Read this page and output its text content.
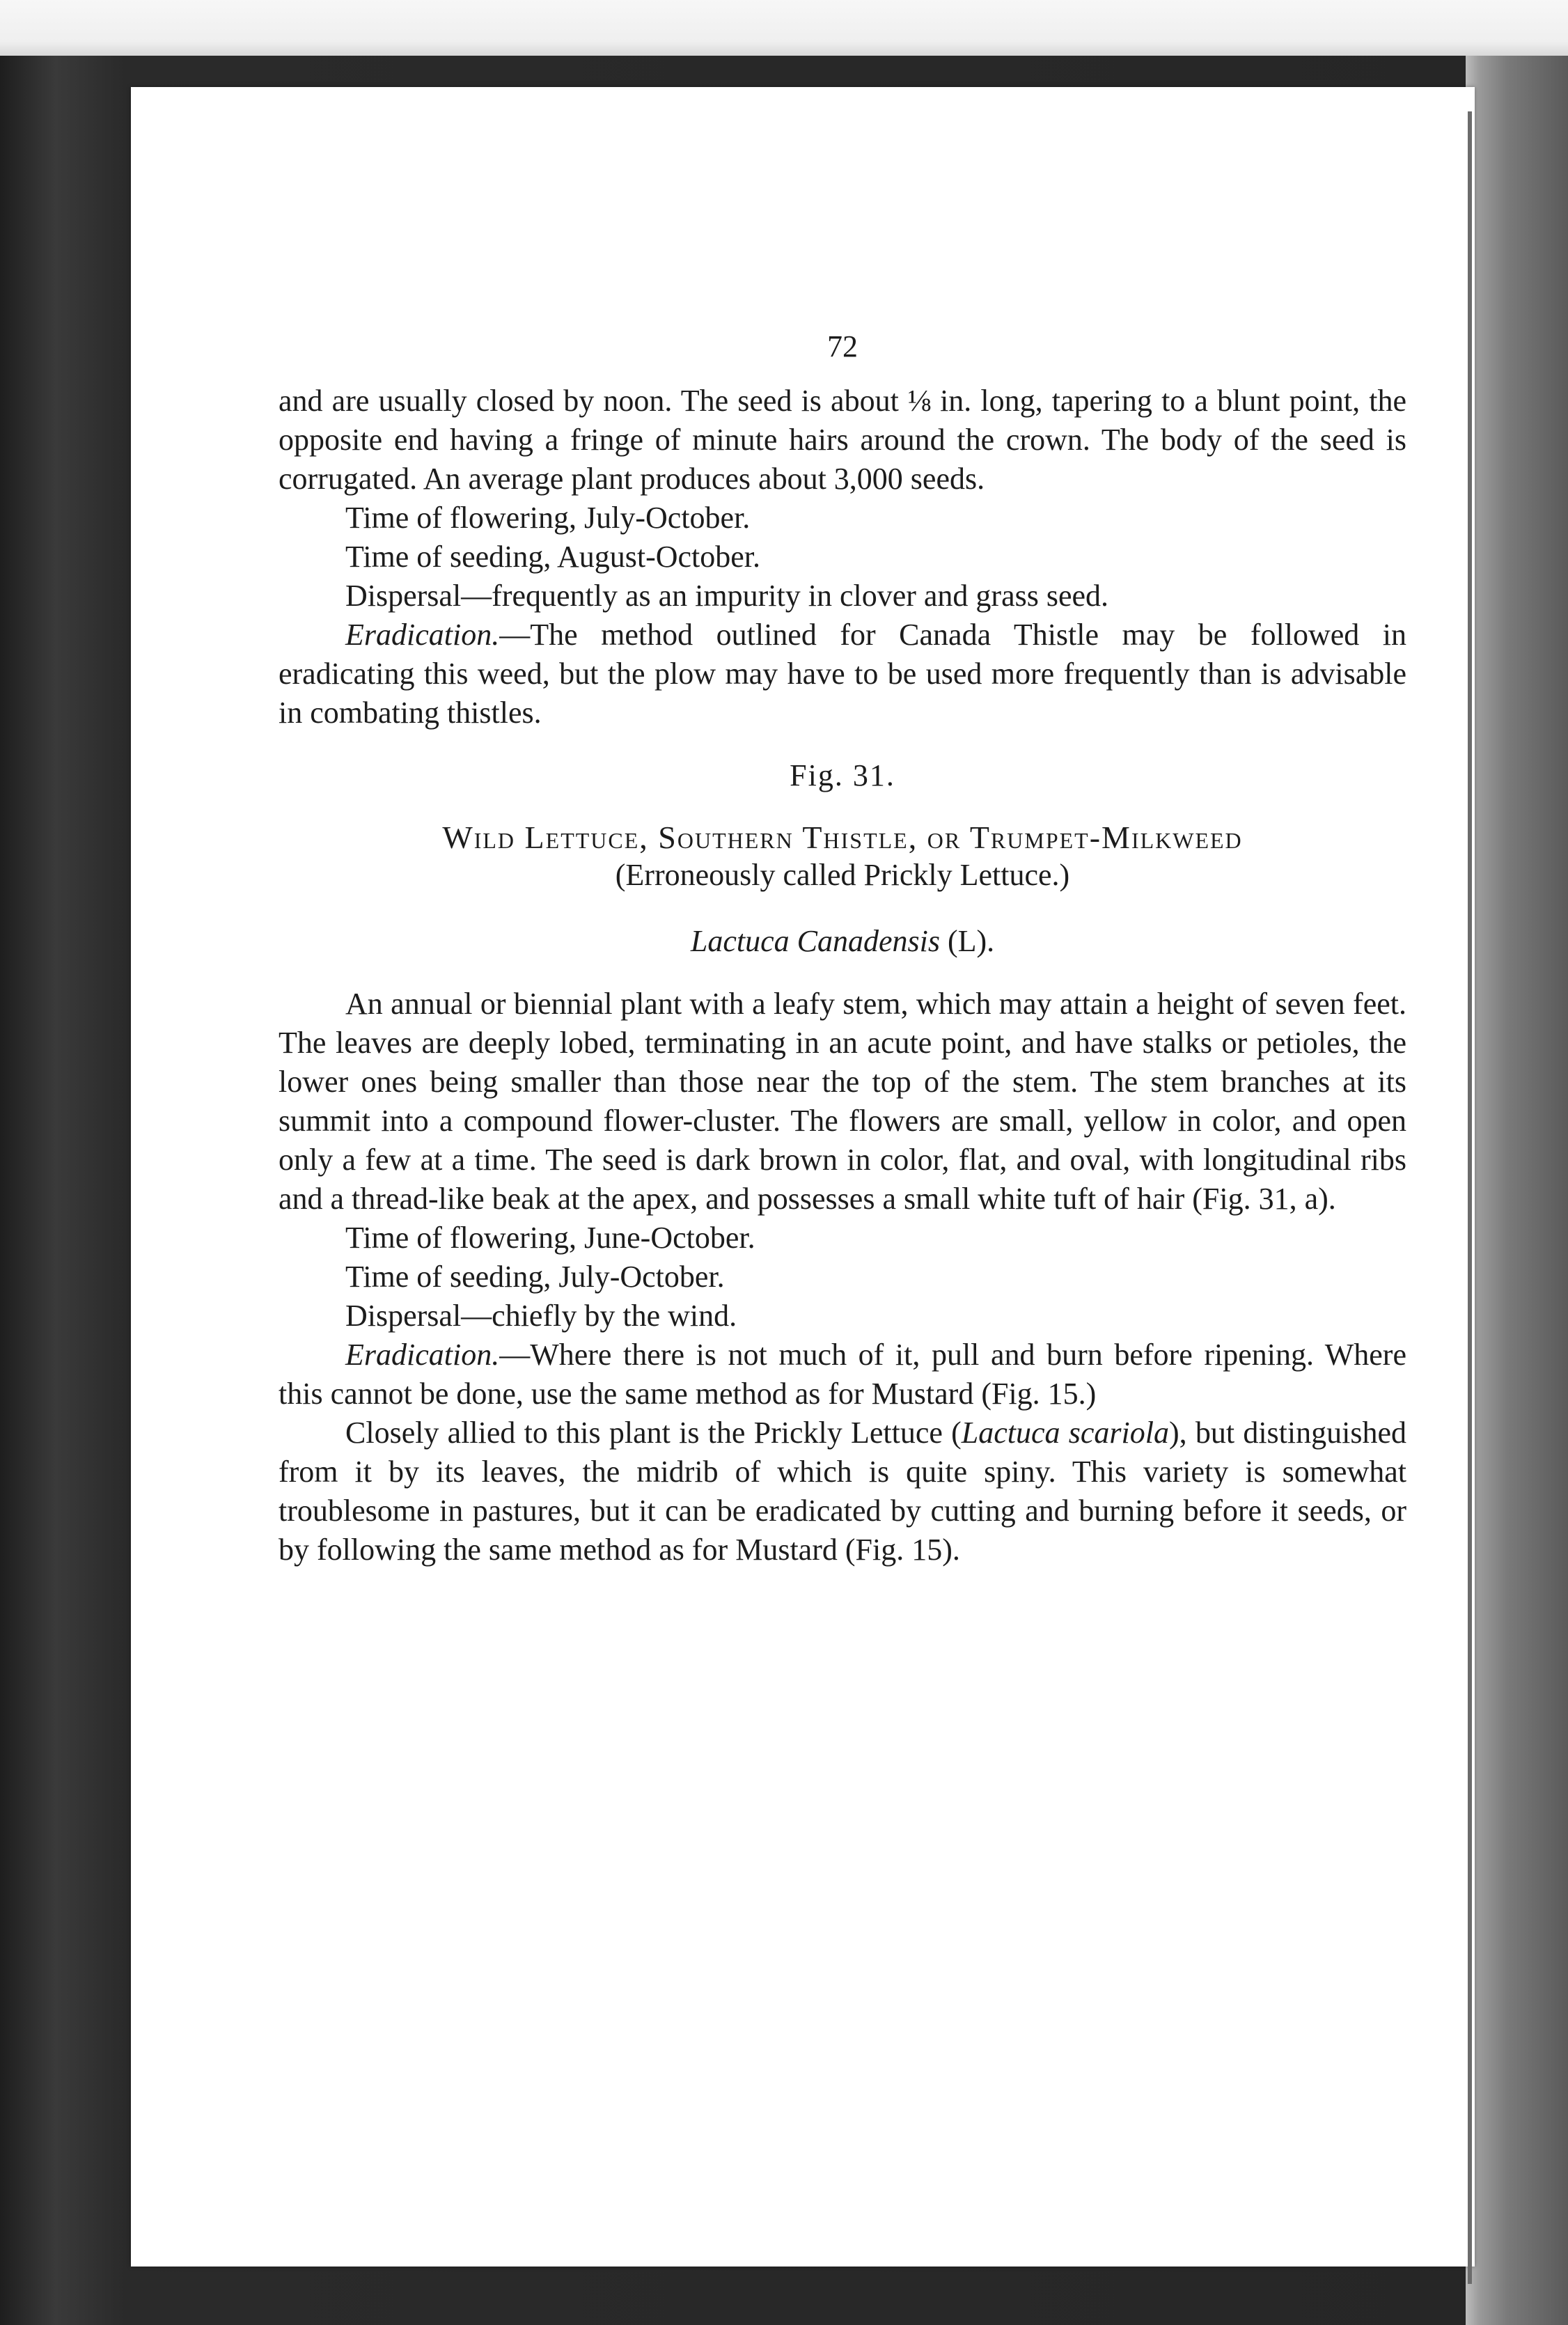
72

and are usually closed by noon. The seed is about ⅛ in. long, tapering to a blunt point, the opposite end having a fringe of minute hairs around the crown. The body of the seed is corrugated. An average plant produces about 3,000 seeds.

Time of flowering, July-October.

Time of seeding, August-October.

Dispersal—frequently as an impurity in clover and grass seed.

Eradication.—The method outlined for Canada Thistle may be followed in eradicating this weed, but the plow may have to be used more frequently than is advisable in combating thistles.

Fig. 31.
Wild Lettuce, Southern Thistle, or Trumpet-Milkweed
(Erroneously called Prickly Lettuce.)
Lactuca Canadensis (L).

An annual or biennial plant with a leafy stem, which may attain a height of seven feet. The leaves are deeply lobed, terminating in an acute point, and have stalks or petioles, the lower ones being smaller than those near the top of the stem. The stem branches at its summit into a compound flower-cluster. The flowers are small, yellow in color, and open only a few at a time. The seed is dark brown in color, flat, and oval, with longitudinal ribs and a thread-like beak at the apex, and possesses a small white tuft of hair (Fig. 31, a).

Time of flowering, June-October.

Time of seeding, July-October.

Dispersal—chiefly by the wind.

Eradication.—Where there is not much of it, pull and burn before ripening. Where this cannot be done, use the same method as for Mustard (Fig. 15.)

Closely allied to this plant is the Prickly Lettuce (Lactuca scariola), but distinguished from it by its leaves, the midrib of which is quite spiny. This variety is somewhat troublesome in pastures, but it can be eradicated by cutting and burning before it seeds, or by following the same method as for Mustard (Fig. 15).
